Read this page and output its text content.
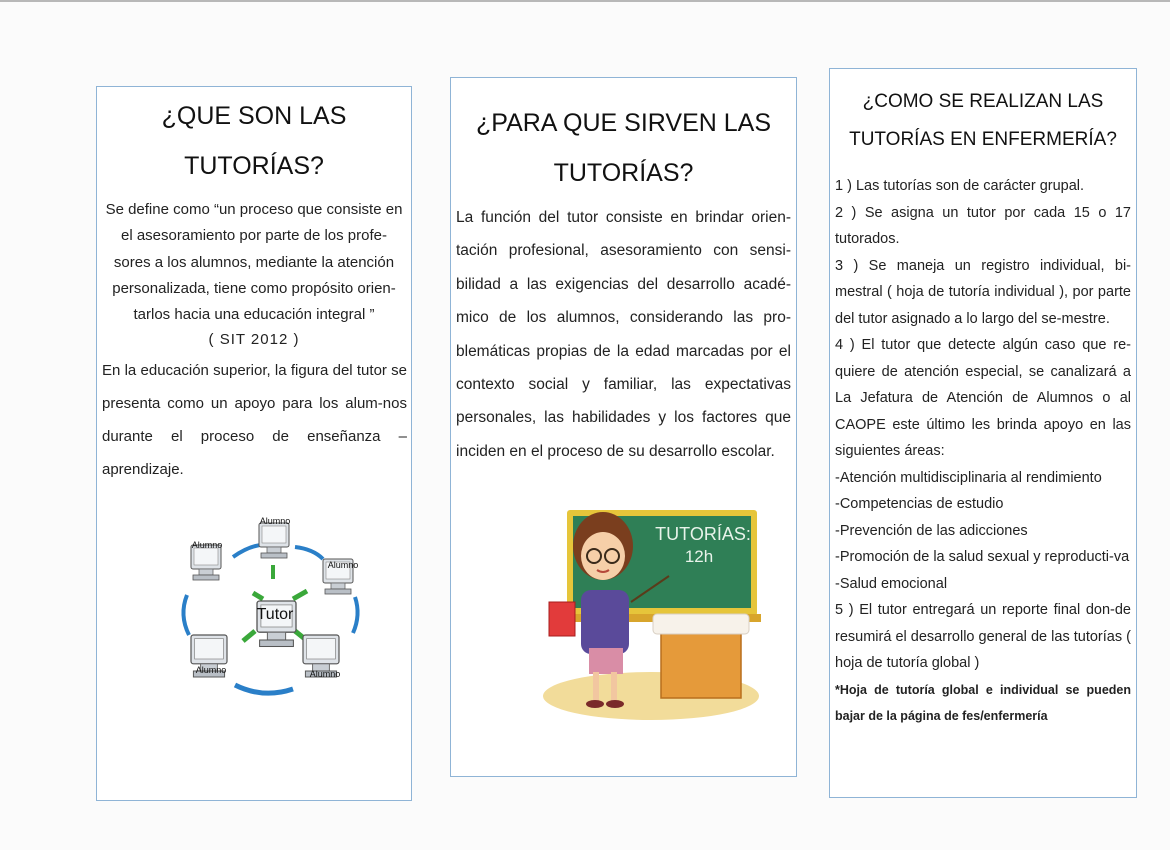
¿QUE SON LAS
TUTORÍAS?
Se define como “un proceso que consiste en el asesoramiento por parte de los profe-sores a los alumnos, mediante la atención personalizada, tiene como propósito orien-tarlos hacia una educación integral ”
( SIT 2012 )
En la educación superior, la figura del tutor se presenta como un apoyo para los alum-nos durante el proceso de enseñanza – aprendizaje.
Alumno
Alumno
Alumno
Tutor
Alumno	Alumno
¿PARA QUE SIRVEN LAS
TUTORÍAS?
La función del tutor consiste en brindar orien-tación profesional, asesoramiento con sensi-bilidad a las exigencias del desarrollo acadé-mico de los alumnos, considerando las pro-blemáticas propias de la edad marcadas por el contexto social y familiar, las expectativas personales, las habilidades y los factores que inciden en el proceso de su desarrollo escolar.
TUTORÍAS:
12h
¿COMO SE REALIZAN LAS
TUTORÍAS EN ENFERMERÍA?
1 ) Las tutorías son de carácter grupal.
2 ) Se asigna un tutor por cada 15 o 17 tutorados.
3 ) Se maneja un registro individual, bi-mestral ( hoja de tutoría individual ), por parte del tutor asignado a lo largo del se-mestre.
4 ) El tutor que detecte algún caso que re-quiere de atención especial, se canalizará a La Jefatura de Atención de Alumnos o al CAOPE este último les brinda apoyo en las siguientes áreas:
-Atención multidisciplinaria al rendimiento
-Competencias de estudio
-Prevención de las adicciones
-Promoción de la salud sexual y reproducti-va
-Salud emocional
5 ) El tutor entregará un reporte final don-de resumirá el desarrollo general de las tutorías ( hoja de tutoría global )
*Hoja de tutoría global e individual se pueden bajar de la página de fes/enfermería
